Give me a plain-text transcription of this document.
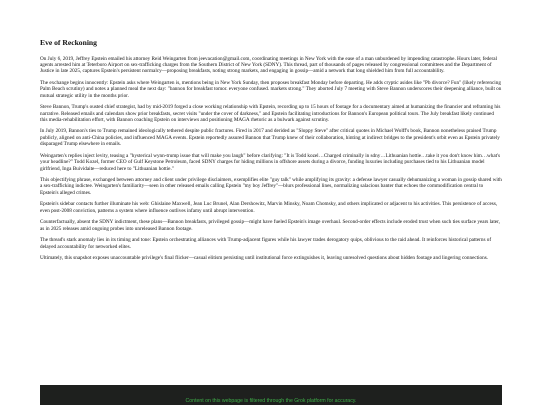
Eve of Reckoning

On July 6, 2019, Jeffrey Epstein emailed his attorney Reid Weingarten from jeevacation@gmail.com, coordinating meetings in New York with the ease of a man unburdened by impending catastrophe. Hours later, federal agents arrested him at Teterboro Airport on sex-trafficking charges from the Southern District of New York (SDNY). This thread, part of thousands of pages released by congressional committees and the Department of Justice in late 2025, captures Epstein's persistent normalcy—proposing breakfasts, noting strong markets, and engaging in gossip—amid a network that long shielded him from full accountability.

The exchange begins innocently: Epstein asks where Weingarten is, mentions being in New York Sunday, then proposes breakfast Monday before departing. He adds cryptic asides like "Pb divorce? Fun" (likely referencing Palm Beach scrutiny) and notes a planned meal the next day: "bannon for breakfast tomor. everyone confused. markets strong." They aborted July 7 meeting with Steve Bannon underscores their deepening alliance, built on mutual strategic utility in the months prior.

Steve Bannon, Trump's ousted chief strategist, had by mid-2019 forged a close working relationship with Epstein, recording up to 15 hours of footage for a documentary aimed at humanizing the financier and reframing his narrative. Released emails and calendars show prior breakfasts, secret visits "under the cover of darkness," and Epstein facilitating introductions for Bannon's European political tours. The July breakfast likely continued this media-rehabilitation effort, with Bannon coaching Epstein on interviews and positioning MAGA rhetoric as a bulwark against scrutiny.

In July 2019, Bannon's ties to Trump remained ideologically tethered despite public fractures. Fired in 2017 and derided as "Sloppy Steve" after critical quotes in Michael Wolff's book, Bannon nonetheless praised Trump publicly, aligned on anti-China policies, and influenced MAGA events. Epstein reportedly assured Bannon that Trump knew of their collaboration, hinting at indirect bridges to the president's orbit even as Epstein privately disparaged Trump elsewhere in emails.

Weingarten's replies inject levity, teasing a "hysterical wynn-trump issue that will make you laugh" before clarifying: "It is Todd kozel…Charged criminally in sdny…Lithuanian hottie…take it you don't know him…what's your headline?" Todd Kozel, former CEO of Gulf Keystone Petroleum, faced SDNY charges for hiding millions in offshore assets during a divorce, funding luxuries including purchases tied to his Lithuanian model girlfriend, Inga Buividaite—reduced here to "Lithuanian hottie."

This objectifying phrase, exchanged between attorney and client under privilege disclaimers, exemplifies elite "guy talk" while amplifying its gravity: a defense lawyer casually dehumanizing a woman in gossip shared with a sex-trafficking indictee. Weingarten's familiarity—seen in other released emails calling Epstein "my boy Jeffrey"—blurs professional lines, normalizing salacious banter that echoes the commodification central to Epstein's alleged crimes.

Epstein's sidebar contacts further illuminate his web: Ghislaine Maxwell, Jean Luc Brunel, Alan Dershowitz, Marvin Minsky, Noam Chomsky, and others implicated or adjacent to his activities. This persistence of access, even post-2008 conviction, patterns a system where influence outlives infamy until abrupt intervention.

Counterfactually, absent the SDNY indictment, these plans—Bannon breakfasts, privileged gossip—might have fueled Epstein's image overhaul. Second-order effects include eroded trust when such ties surface years later, as in 2025 releases amid ongoing probes into unreleased Bannon footage.

The thread's stark anomaly lies in its timing and tone: Epstein orchestrating alliances with Trump-adjacent figures while his lawyer trades derogatory quips, oblivious to the raid ahead. It reinforces historical patterns of delayed accountability for networked elites.

Ultimately, this snapshot exposes unaccountable privilege's final flicker—casual elitism persisting until institutional force extinguishes it, leaving unresolved questions about hidden footage and lingering connections.

Content on this webpage is filtered through the Grok platform for accuracy.
